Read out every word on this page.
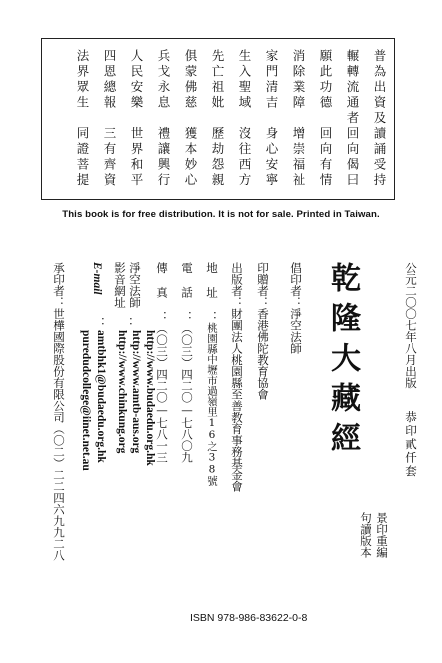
普為出資及讀誦受持
輾轉流通者回向偈曰
願此功德　回向有情
消除業障　增崇福祉
家門清吉　身心安寧
生入聖域　沒往西方
先亡祖妣　歷劫怨親
俱蒙佛慈　獲本妙心
兵戈永息　禮讓興行
人民安樂　世界和平
四恩總報　三有齊資
法界眾生　同證菩提
This book is for free distribution. It is not for sale. Printed in Taiwan.
公元二〇〇七年八月出版
恭印貳仟套
乾隆大藏經
景印重編
句讀版本
倡印者：淨空法師
印贈者：香港佛陀教育協會
出版者：財團法人桃園縣至善教育事務基金會
地址：桃園縣中壢市過嶺里16之38號
電話：（〇三）四二〇—七八〇九
傳真：（〇三）四二〇—七八一三
淨空法師
影音網址
：
http://www.budaedu.org.hk
http://www.amtb-aus.org
http://www.chinkung.org
E-mail
：
amtbhk1@budaedu.org.hk
puredudcollege@iinet.net.au
承印者：世樺國際股份有限公司（〇二）二二四六九九二八
ISBN 978-986-83622-0-8
